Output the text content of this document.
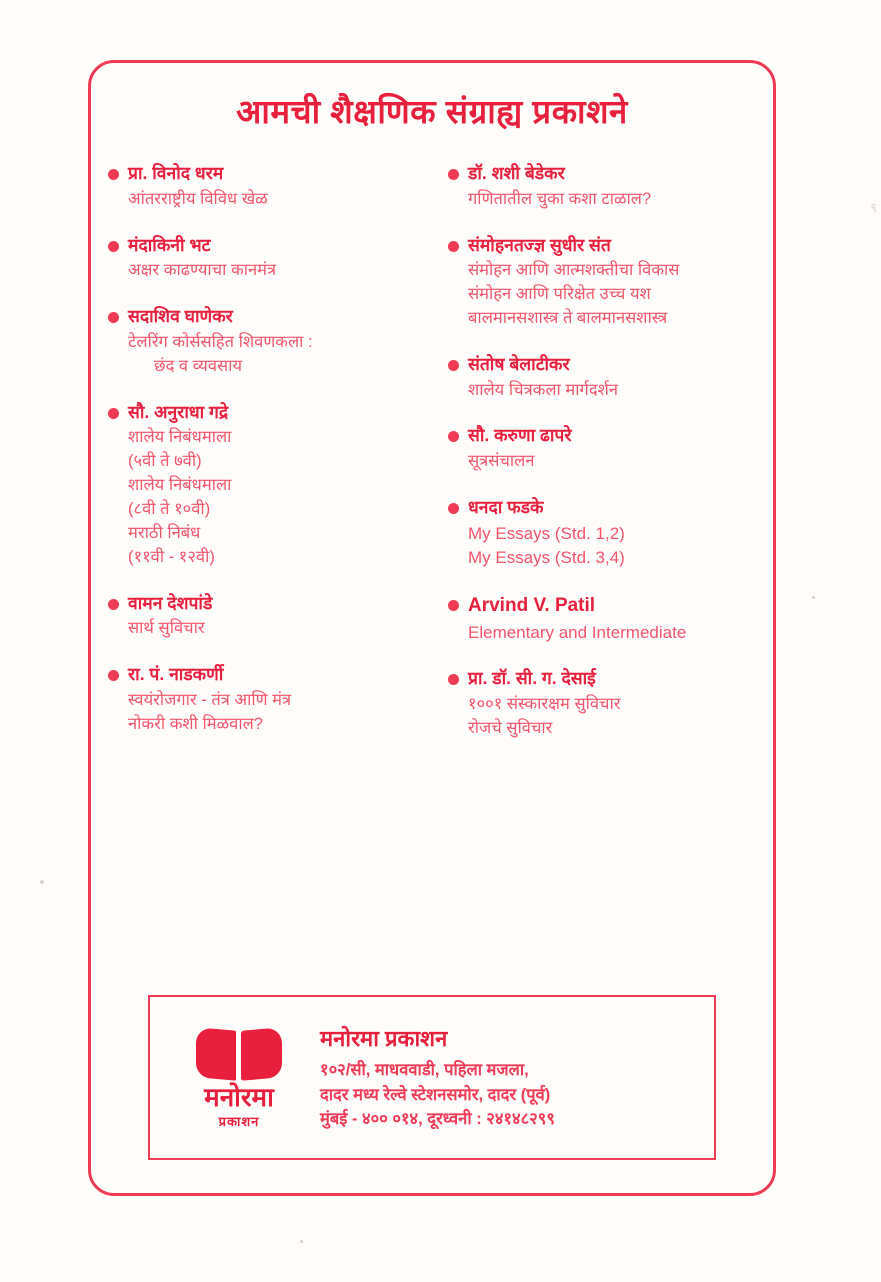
आमची शैक्षणिक संग्राह्य प्रकाशने
९
प्रा. विनोद धरम
आंतरराष्ट्रीय विविध खेळ
मंदाकिनी भट
अक्षर काढण्याचा कानमंत्र
सदाशिव घाणेकर
टेलरिंग कोर्ससहित शिवणकला :
छंद व व्यवसाय
सौ. अनुराधा गद्रे
शालेय निबंधमाला
(५वी ते ७वी)
शालेय निबंधमाला
(८वी ते १०वी)
मराठी निबंध
(११वी - १२वी)
वामन देशपांडे
सार्थ सुविचार
रा. पं. नाडकर्णी
स्वयंरोजगार - तंत्र आणि मंत्र
नोकरी कशी मिळवाल?
डॉ. शशी बेडेकर
गणितातील चुका कशा टाळाल?
संमोहनतज्ज्ञ सुधीर संत
संमोहन आणि आत्मशक्तीचा विकास
संमोहन आणि परिक्षेत उच्च यश
बालमानसशास्त्र ते बालमानसशास्त्र
संतोष बेलाटीकर
शालेय चित्रकला मार्गदर्शन
सौ. करुणा ढापरे
सूत्रसंचालन
धनदा फडके
My Essays (Std. 1,2)
My Essays (Std. 3,4)
Arvind V. Patil
Elementary and Intermediate
प्रा. डॉ. सी. ग. देसाई
१००१ संस्कारक्षम सुविचार
रोजचे सुविचार
मनोरमा
प्रकाशन
मनोरमा प्रकाशन
१०२/सी, माधववाडी, पहिला मजला,
दादर मध्य रेल्वे स्टेशनसमोर, दादर (पूर्व)
मुंबई - ४०० ०१४, दूरध्वनी : २४१४८२९९
